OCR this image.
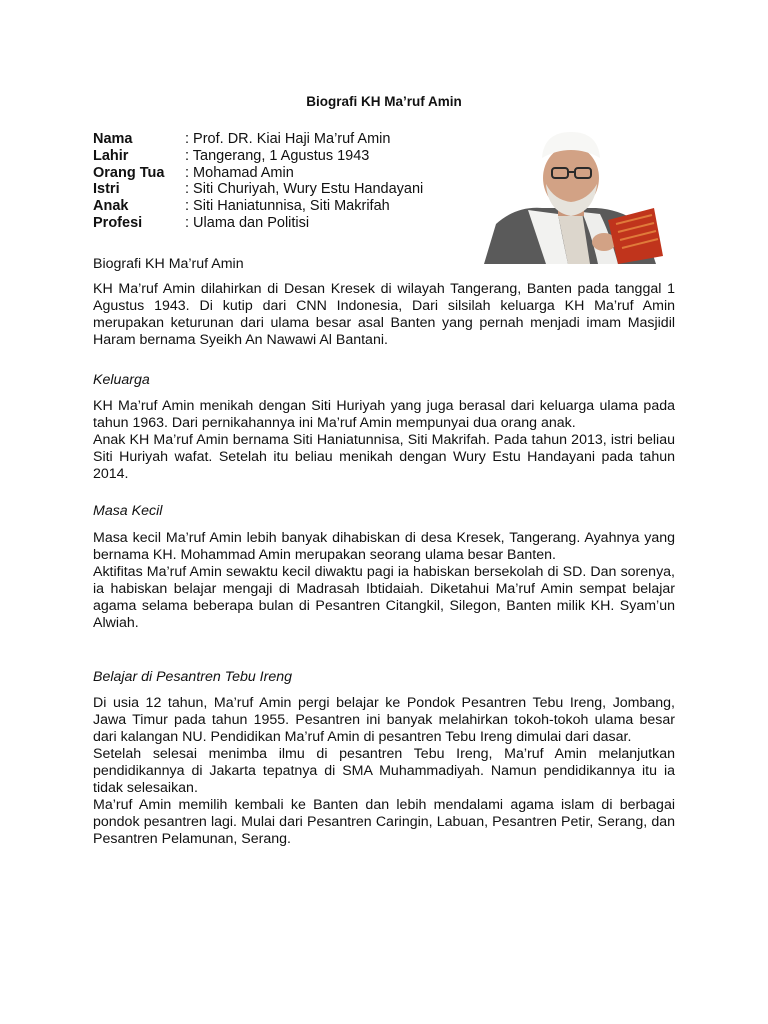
Biografi KH Ma’ruf Amin
Nama	: Prof. DR. Kiai Haji Ma’ruf Amin
Lahir	: Tangerang, 1 Agustus 1943
Orang Tua	: Mohamad Amin
Istri	: Siti Churiyah, Wury Estu Handayani
Anak	: Siti Haniatunnisa, Siti Makrifah
Profesi	: Ulama dan Politisi
Biografi KH Ma’ruf Amin

KH Ma’ruf Amin dilahirkan di Desan Kresek di wilayah Tangerang, Banten pada tanggal 1 Agustus 1943. Di kutip dari CNN Indonesia, Dari silsilah keluarga KH Ma’ruf Amin merupakan keturunan dari ulama besar asal Banten yang pernah menjadi imam Masjidil Haram bernama Syeikh An Nawawi Al Bantani.

Keluarga

KH Ma’ruf Amin menikah dengan Siti Huriyah yang juga berasal dari keluarga ulama pada tahun 1963. Dari pernikahannya ini Ma’ruf Amin mempunyai dua orang anak.

Anak KH Ma’ruf Amin bernama Siti Haniatunnisa, Siti Makrifah. Pada tahun 2013, istri beliau Siti Huriyah wafat. Setelah itu beliau menikah dengan Wury Estu Handayani pada tahun 2014.

Masa Kecil

Masa kecil Ma’ruf Amin lebih banyak dihabiskan di desa Kresek, Tangerang. Ayahnya yang bernama KH. Mohammad Amin merupakan seorang ulama besar Banten.

Aktifitas Ma’ruf Amin sewaktu kecil diwaktu pagi ia habiskan bersekolah di SD. Dan sorenya, ia habiskan belajar mengaji di Madrasah Ibtidaiah. Diketahui Ma’ruf Amin sempat belajar agama selama beberapa bulan di Pesantren Citangkil, Silegon, Banten milik KH. Syam’un Alwiah.

Belajar di Pesantren Tebu Ireng

Di usia 12 tahun, Ma’ruf Amin pergi belajar ke Pondok Pesantren Tebu Ireng, Jombang, Jawa Timur pada tahun 1955. Pesantren ini banyak melahirkan tokoh-tokoh ulama besar dari kalangan NU. Pendidikan Ma’ruf Amin di pesantren Tebu Ireng dimulai dari dasar.

Setelah selesai menimba ilmu di pesantren Tebu Ireng, Ma’ruf Amin melanjutkan pendidikannya di Jakarta tepatnya di SMA Muhammadiyah. Namun pendidikannya itu ia tidak selesaikan.

Ma’ruf Amin memilih kembali ke Banten dan lebih mendalami agama islam di berbagai pondok pesantren lagi. Mulai dari Pesantren Caringin, Labuan, Pesantren Petir, Serang, dan Pesantren Pelamunan, Serang.
